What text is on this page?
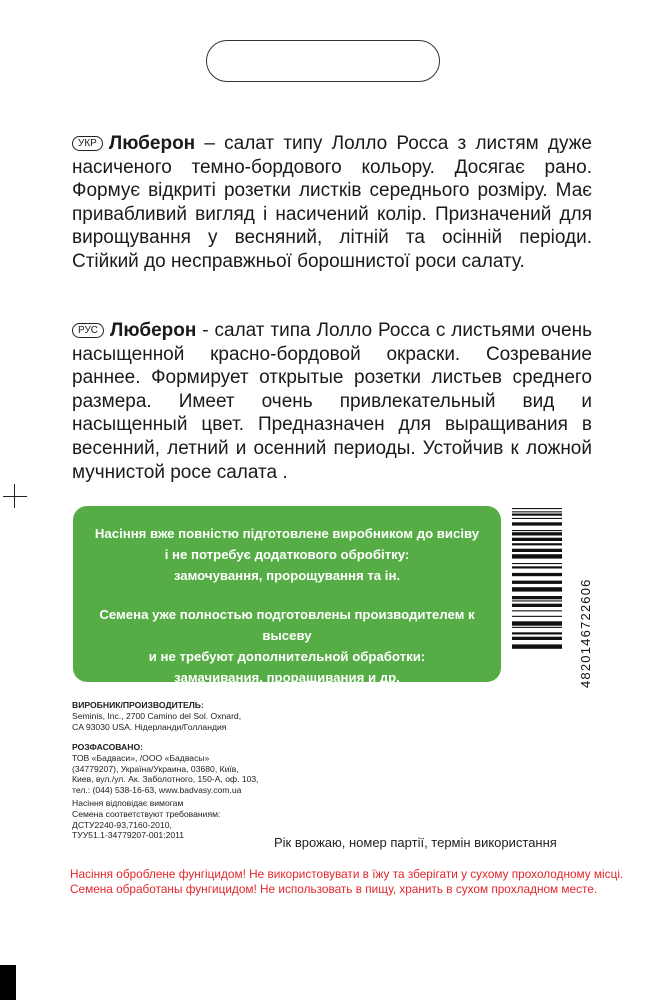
УКР Люберон – салат типу Лолло Росса з листям дуже насиченого темно-бордового кольору. Досягає рано. Формує відкриті розетки листків середнього розміру. Має привабливий вигляд і насичений колір. Призначений для вирощування у весняний, літній та осінній періоди. Стійкий до несправжньої борошнистої роси салату.

РУС Люберон - салат типа Лолло Росса с листьями очень насыщенной красно-бордовой окраски. Созревание раннее. Формирует открытые розетки листьев среднего размера. Имеет очень привлекательный вид и насыщенный цвет. Предназначен для выращивания в весенний, летний и осенний периоды. Устойчив к ложной мучнистой росе салата .

Насіння вже повністю підготовлене виробником до висіву
і не потребує додаткового обробітку:
замочування, пророщування та ін.
Семена уже полностью подготовлены производителем к высеву
и не требуют дополнительной обработки:
замачивания, проращивания и др.	4820146722606
ВИРОБНИК/ПРОИЗВОДИТЕЛЬ:
Seminis, Inc., 2700 Camino del Sol. Oxnard,
CA 93030 USA. Нідерланди/Голландия
РОЗФАСОВАНО:
ТОВ «Бадваси», /ООО «Бадвасы»
(34779207), Україна/Украина, 03680, Київ,
Киев, вул./ул. Ак. Заболотного, 150-А, оф. 103,
тел.: (044) 538-16-63, www.badvasy.com.ua
Насіння відповідає вимогам
Семена соответствуют требованиям:
ДСТУ2240-93,7160-2010,
ТУУ51.1-34779207-001:2011	Рік врожаю, номер партії, термін використання
Насіння оброблене фунгіцидом! Не використовувати в їжу та зберігати у сухому прохолодному місці.
Семена обработаны фунгицидом! Не использовать в пищу, хранить в сухом прохладном месте.
